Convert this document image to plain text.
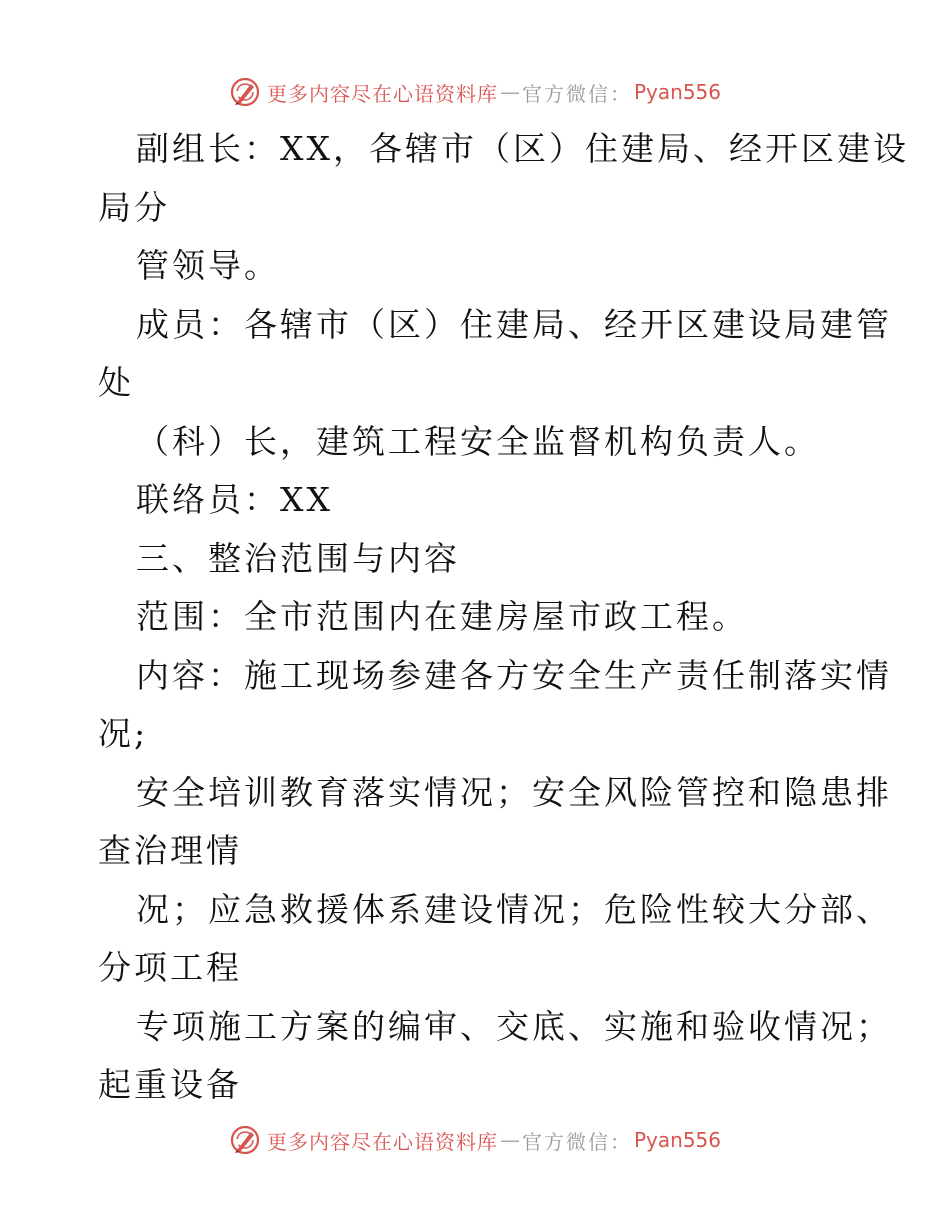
更多内容尽在心语资料库 — 官方微信： Pyan556
副组长：XX，各辖市（区）住建局、经开区建设
局分
管领导。
成员：各辖市（区）住建局、经开区建设局建管
处
（科）长，建筑工程安全监督机构负责人。
联络员：XX
三、整治范围与内容
范围：全市范围内在建房屋市政工程。
内容：施工现场参建各方安全生产责任制落实情
况;
安全培训教育落实情况；安全风险管控和隐患排
查治理情
况；应急救援体系建设情况；危险性较大分部、
分项工程
专项施工方案的编审、交底、实施和验收情况；
起重设备
更多内容尽在心语资料库 — 官方微信： Pyan556
